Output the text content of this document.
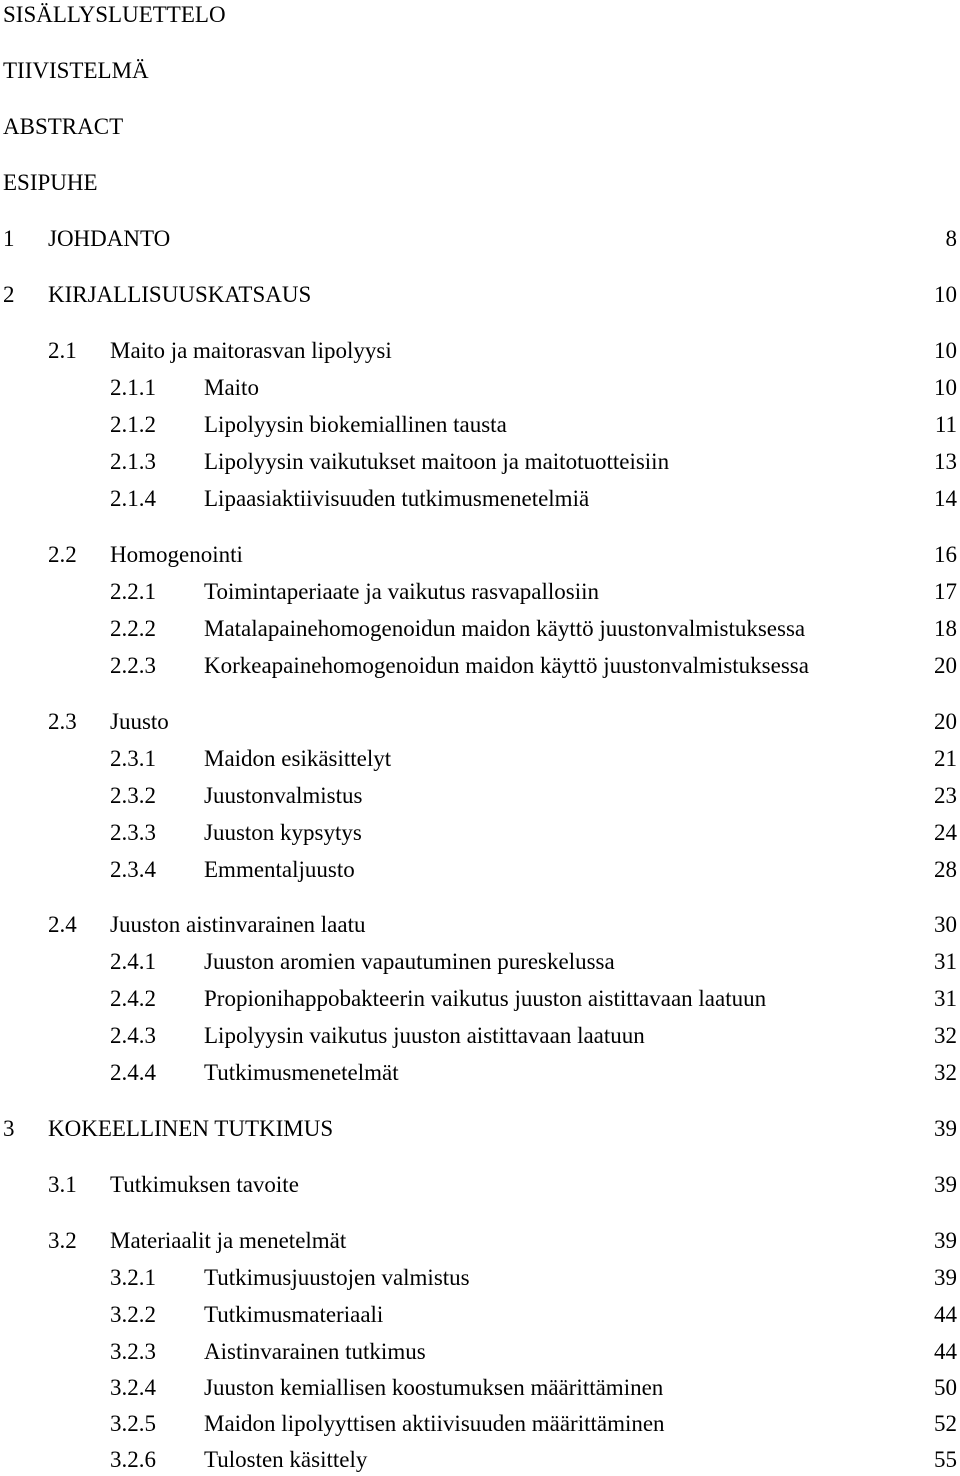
SISÄLLYSLUETTELO
TIIVISTELMÄ
ABSTRACT
ESIPUHE
1 JOHDANTO	8
2 KIRJALLISUUSKATSAUS	10
2.1 Maito ja maitorasvan lipolyysi	10
2.1.1 Maito	10
2.1.2 Lipolyysin biokemiallinen tausta	11
2.1.3 Lipolyysin vaikutukset maitoon ja maitotuotteisiin	13
2.1.4 Lipaasiaktiivisuuden tutkimusmenetelmiä	14
2.2 Homogenointi	16
2.2.1 Toimintaperiaate ja vaikutus rasvapallosiin	17
2.2.2 Matalapainehomogenoidun maidon käyttö juustonvalmistuksessa	18
2.2.3 Korkeapainehomogenoidun maidon käyttö juustonvalmistuksessa	20
2.3 Juusto	20
2.3.1 Maidon esikäsittelyt	21
2.3.2 Juustonvalmistus	23
2.3.3 Juuston kypsytys	24
2.3.4 Emmentaljuusto	28
2.4 Juuston aistinvarainen laatu	30
2.4.1 Juuston aromien vapautuminen pureskelussa	31
2.4.2 Propionihappobakteerin vaikutus juuston aistittavaan laatuun	31
2.4.3 Lipolyysin vaikutus juuston aistittavaan laatuun	32
2.4.4 Tutkimusmenetelmät	32
3 KOKEELLINEN TUTKIMUS	39
3.1 Tutkimuksen tavoite	39
3.2 Materiaalit ja menetelmät	39
3.2.1 Tutkimusjuustojen valmistus	39
3.2.2 Tutkimusmateriaali	44
3.2.3 Aistinvarainen tutkimus	44
3.2.4 Juuston kemiallisen koostumuksen määrittäminen	50
3.2.5 Maidon lipolyyttisen aktiivisuuden määrittäminen	52
3.2.6 Tulosten käsittely	55
